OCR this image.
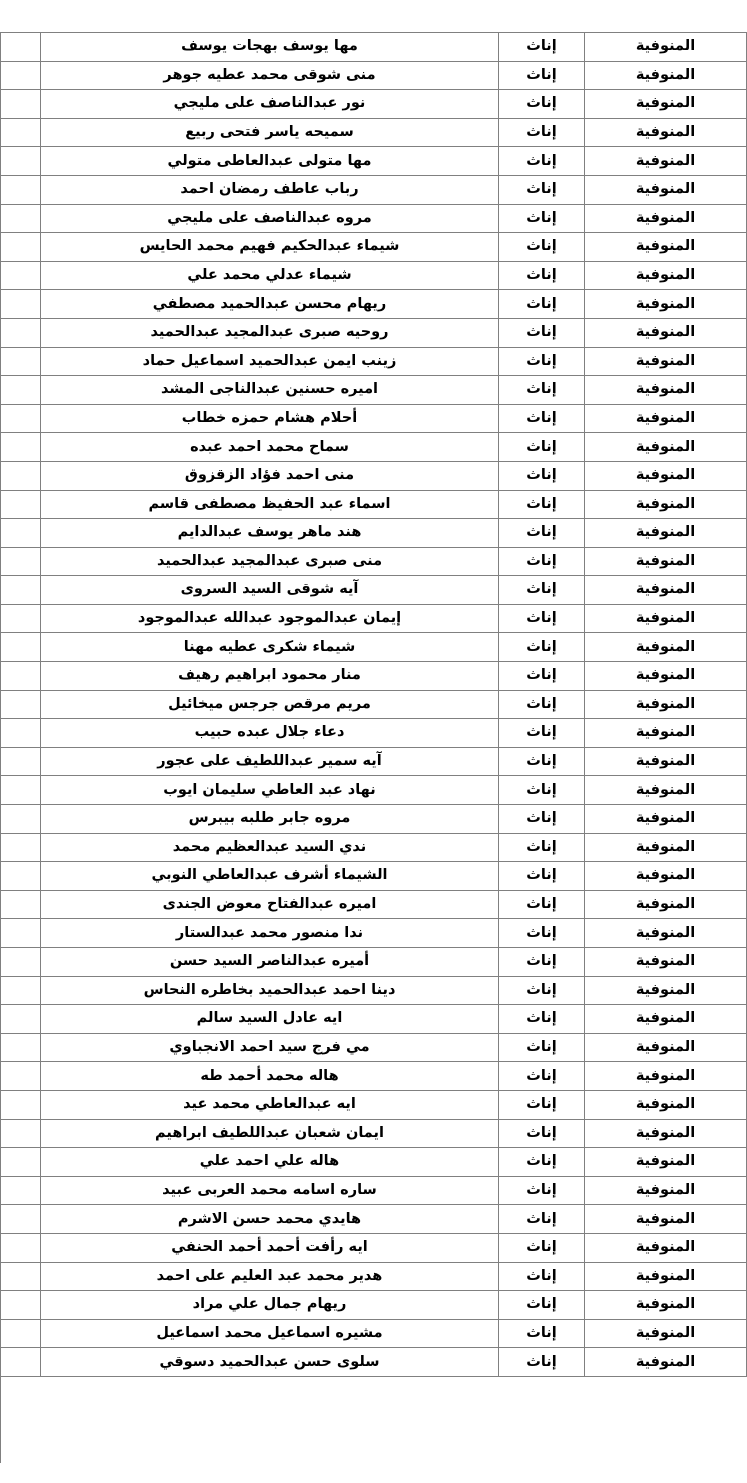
المنوفية	إناث	مها يوسف بهجات يوسف	
المنوفية	إناث	منى شوقى محمد عطيه جوهر	
المنوفية	إناث	نور عبدالناصف على مليجي	
المنوفية	إناث	سميحه ياسر فتحى ربيع	
المنوفية	إناث	مها متولى عبدالعاطى متولي	
المنوفية	إناث	رباب عاطف رمضان احمد	
المنوفية	إناث	مروه عبدالناصف على مليجي	
المنوفية	إناث	شيماء عبدالحكيم فهيم محمد الحايس	
المنوفية	إناث	شيماء عدلي محمد علي	
المنوفية	إناث	ريهام محسن عبدالحميد مصطفي	
المنوفية	إناث	روحيه صبرى عبدالمجيد عبدالحميد	
المنوفية	إناث	زينب ايمن عبدالحميد اسماعيل حماد	
المنوفية	إناث	اميره حسنين عبدالناجى المشد	
المنوفية	إناث	أحلام هشام حمزه خطاب	
المنوفية	إناث	سماح محمد احمد عبده	
المنوفية	إناث	منى احمد فؤاد الزقزوق	
المنوفية	إناث	اسماء عبد الحفيظ مصطفى قاسم	
المنوفية	إناث	هند ماهر يوسف عبدالدايم	
المنوفية	إناث	منى صبرى عبدالمجيد عبدالحميد	
المنوفية	إناث	آيه شوقى السيد السروى	
المنوفية	إناث	إيمان عبدالموجود عبدالله عبدالموجود	
المنوفية	إناث	شيماء شكرى عطيه مهنا	
المنوفية	إناث	منار محمود ابراهيم رهيف	
المنوفية	إناث	مريم مرقص جرجس ميخائيل	
المنوفية	إناث	دعاء جلال عبده حبيب	
المنوفية	إناث	آيه سمير عبداللطيف على عجور	
المنوفية	إناث	نهاد عبد العاطي سليمان ايوب	
المنوفية	إناث	مروه جابر طلبه بيبرس	
المنوفية	إناث	ندي السيد عبدالعظيم محمد	
المنوفية	إناث	الشيماء أشرف عبدالعاطي النوبي	
المنوفية	إناث	اميره عبدالفتاح معوض الجندى	
المنوفية	إناث	ندا منصور محمد عبدالستار	
المنوفية	إناث	أميره عبدالناصر السيد حسن	
المنوفية	إناث	دينا احمد عبدالحميد بخاطره النحاس	
المنوفية	إناث	ايه عادل السيد سالم	
المنوفية	إناث	مي فرج سيد احمد الانجباوي	
المنوفية	إناث	هاله محمد أحمد طه	
المنوفية	إناث	ايه عبدالعاطي محمد عيد	
المنوفية	إناث	ايمان شعبان عبداللطيف ابراهيم	
المنوفية	إناث	هاله علي احمد علي	
المنوفية	إناث	ساره اسامه محمد العربى عبيد	
المنوفية	إناث	هايدي محمد حسن الاشرم	
المنوفية	إناث	ايه رأفت أحمد أحمد الحنفي	
المنوفية	إناث	هدير محمد عبد العليم على احمد	
المنوفية	إناث	ريهام جمال علي مراد	
المنوفية	إناث	مشيره اسماعيل محمد اسماعيل	
المنوفية	إناث	سلوى حسن عبدالحميد دسوقي	
